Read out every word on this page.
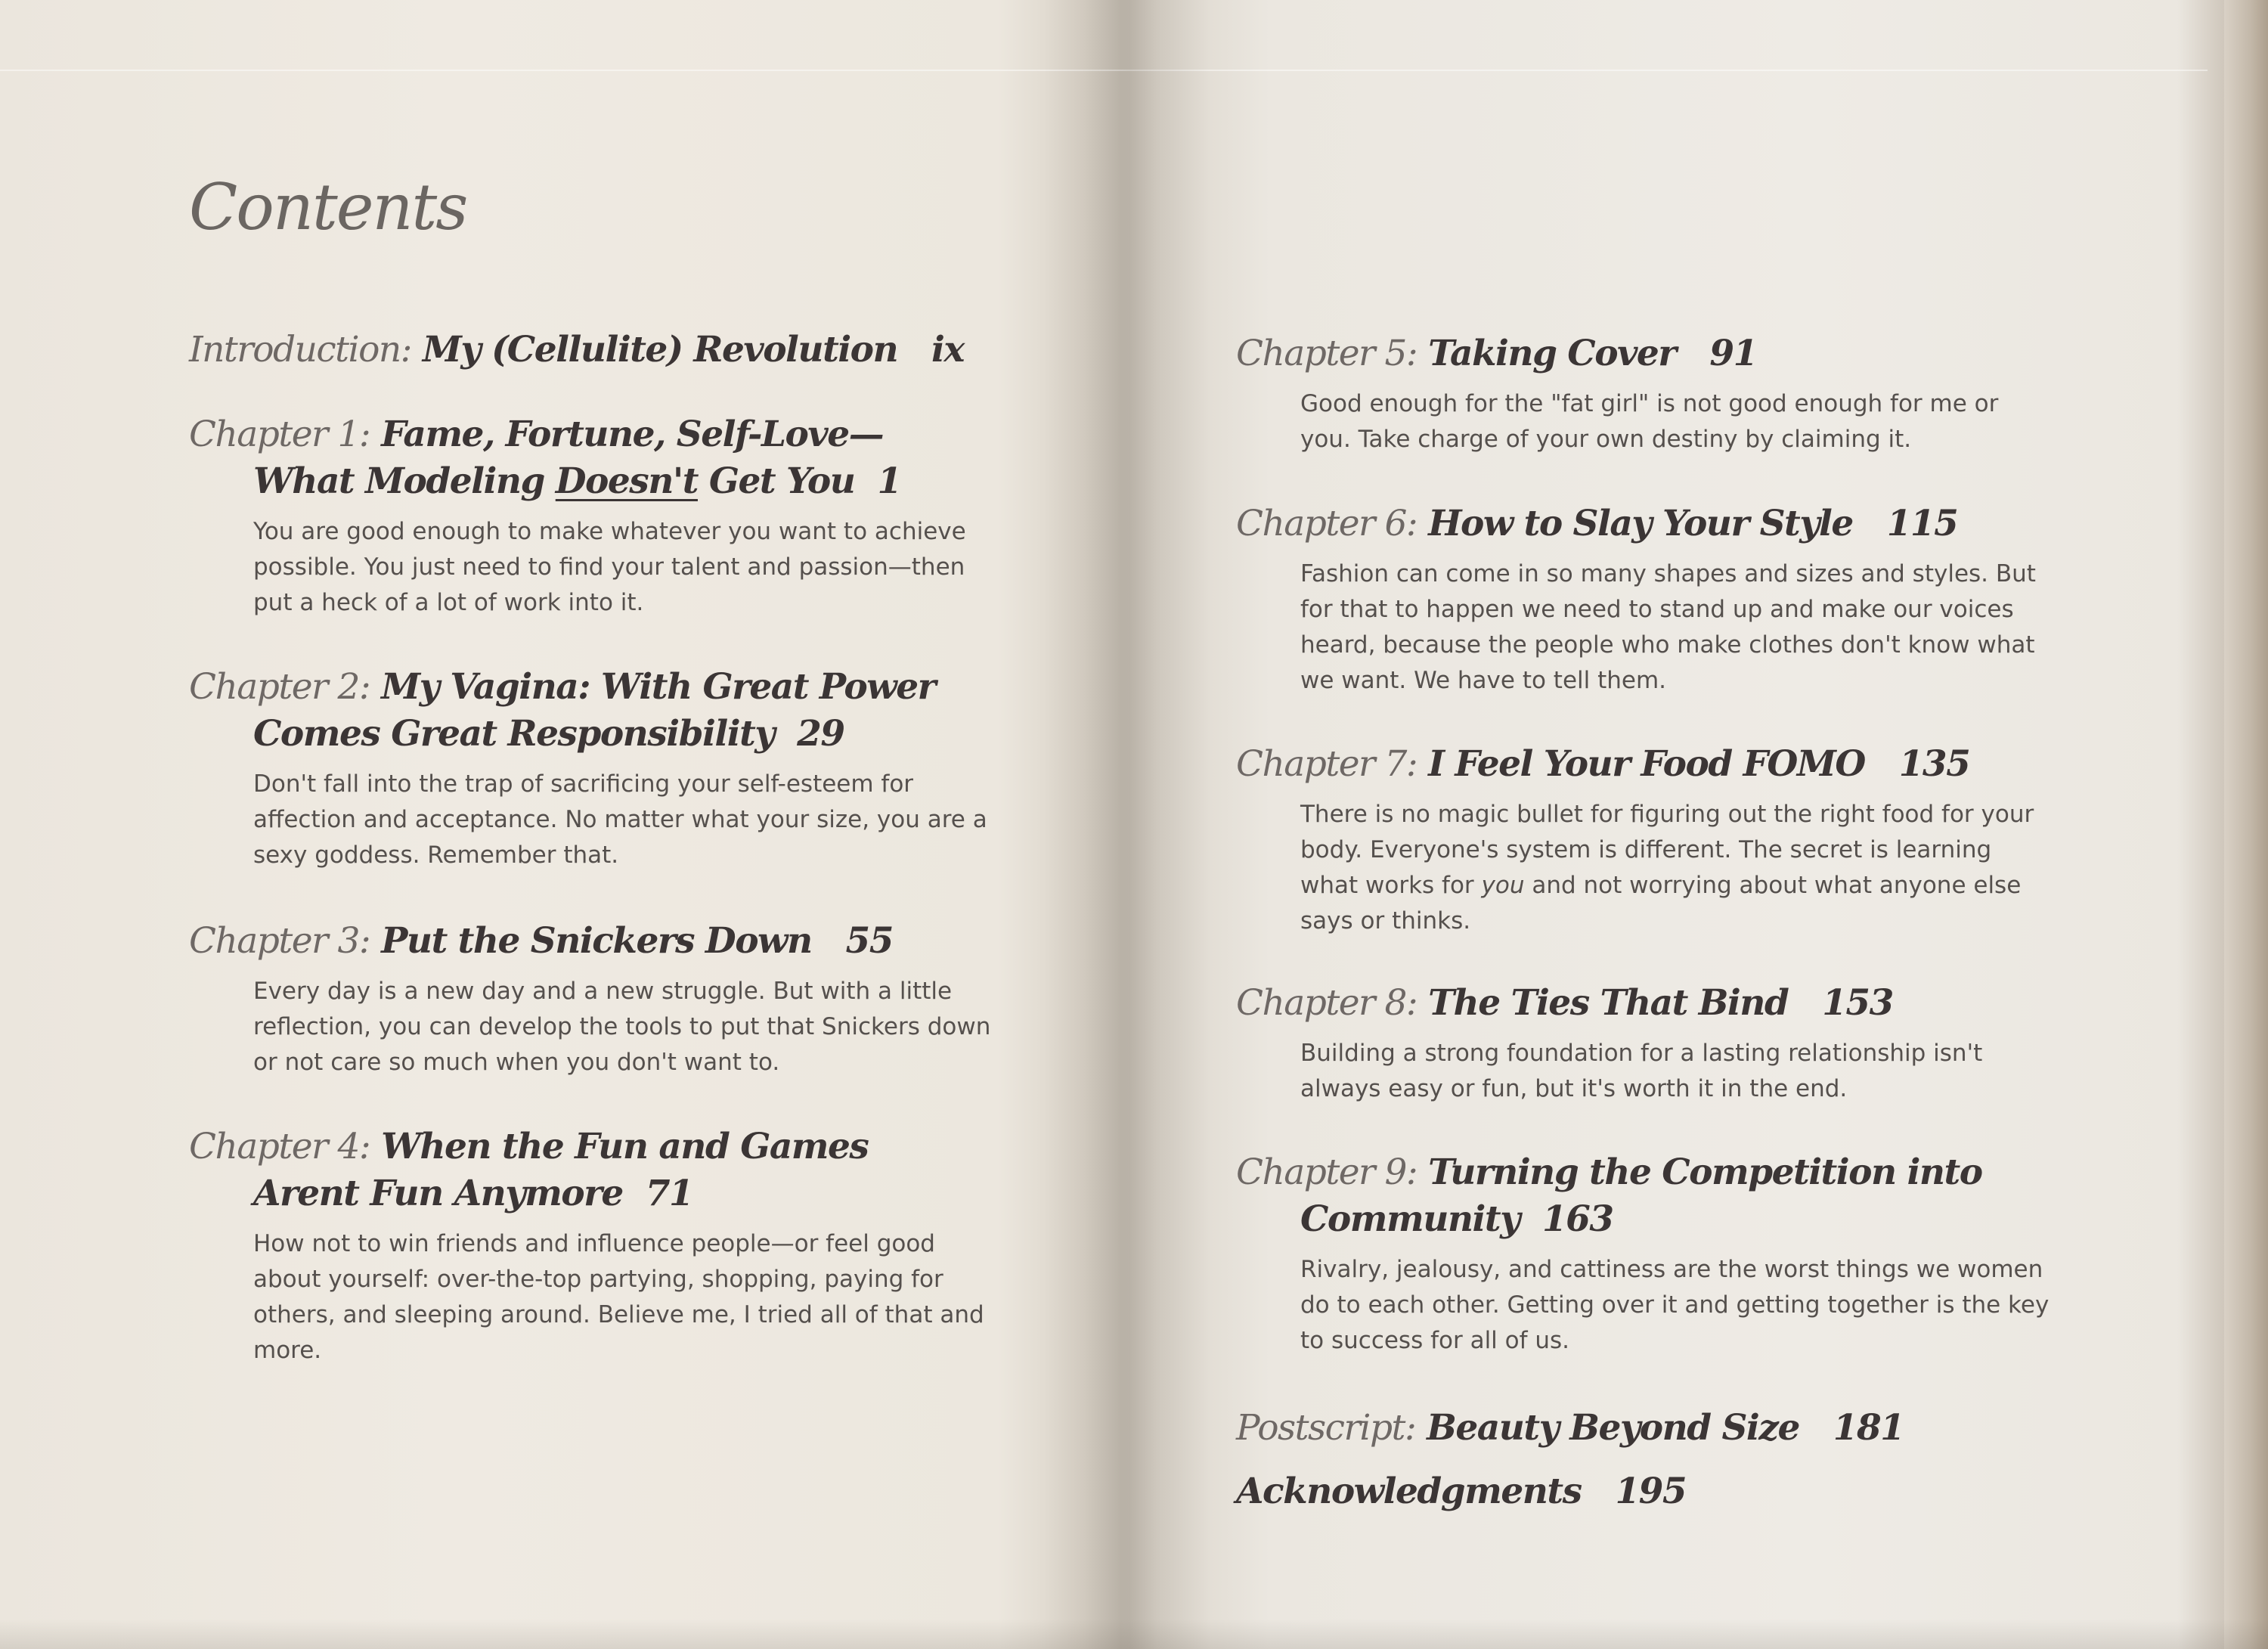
Contents
Introduction: My (Cellulite) Revolution ix
Chapter 1: Fame, Fortune, Self-Love—
What Modeling Doesn't Get You 1

You are good enough to make whatever you want to achieve possible. You just need to find your talent and passion—then put a heck of a lot of work into it.

Chapter 2: My Vagina: With Great Power
Comes Great Responsibility 29

Don't fall into the trap of sacrificing your self-esteem for affection and acceptance. No matter what your size, you are a sexy goddess. Remember that.

Chapter 3: Put the Snickers Down 55

Every day is a new day and a new struggle. But with a little reflection, you can develop the tools to put that Snickers down or not care so much when you don't want to.

Chapter 4: When the Fun and Games
Arent Fun Anymore 71

How not to win friends and influence people—or feel good about yourself: over-the-top partying, shopping, paying for others, and sleeping around. Believe me, I tried all of that and more.

Chapter 5: Taking Cover 91

Good enough for the "fat girl" is not good enough for me or you. Take charge of your own destiny by claiming it.

Chapter 6: How to Slay Your Style 115

Fashion can come in so many shapes and sizes and styles. But for that to happen we need to stand up and make our voices heard, because the people who make clothes don't know what we want. We have to tell them.

Chapter 7: I Feel Your Food FOMO 135

There is no magic bullet for figuring out the right food for your body. Everyone's system is different. The secret is learning what works for you and not worrying about what anyone else says or thinks.

Chapter 8: The Ties That Bind 153

Building a strong foundation for a lasting relationship isn't always easy or fun, but it's worth it in the end.

Chapter 9: Turning the Competition into
Community 163

Rivalry, jealousy, and cattiness are the worst things we women do to each other. Getting over it and getting together is the key to success for all of us.

Postscript: Beauty Beyond Size 181
Acknowledgments 195
